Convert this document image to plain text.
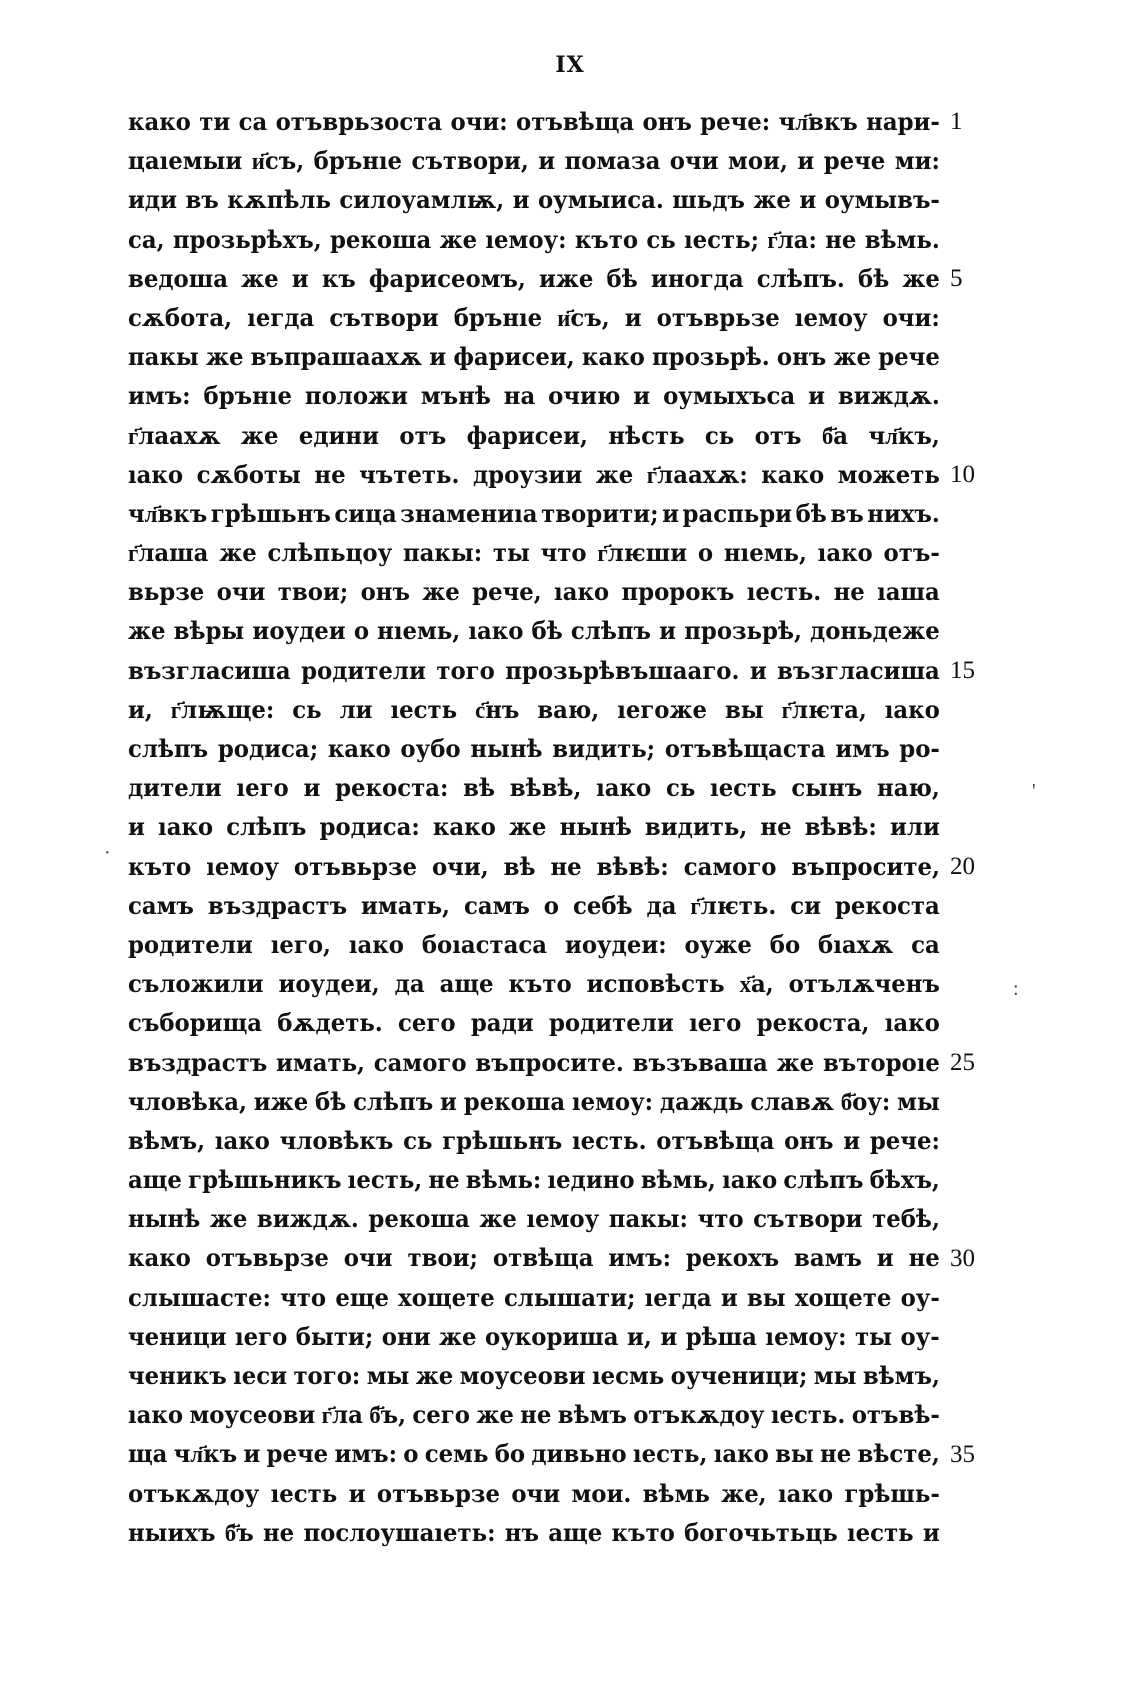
IX
како ти са отъврьзоста очи: отъвѣща онъ рече: чл҃вкъ нари-
цаıемыи и҃съ, брънıе сътвори, и помаза очи мои, и рече ми:
иди въ кѫпѣль силоуамлѭ, и оумыиса. шьдъ же и оумывъ-
са, прозьрѣхъ, рекоша же ıемоу: къто сь ıесть; г҃ла: не вѣмь.
ведоша же и къ фарисеомъ, иже бѣ иногда слѣпъ. бѣ же
сѫбота, ıегда сътвори брънıе и҃съ, и отъврьзе ıемоу очи:
пакы же въпрашаахѫ и фарисеи, како прозьрѣ. онъ же рече
имъ: брънıе положи мънѣ на очию и оумыхъса и виждѫ.
г҃лаахѫ же едини отъ фарисеи, нѣсть сь отъ б҃а чл҃къ,
ıако сѫботы не чътеть. дроузии же г҃лаахѫ: како можеть
чл҃вкъ грѣшьнъ сица знамениıа творити; и распьри бѣ въ нихъ.
г҃лаша же слѣпьцоу пакы: ты что г҃лѥши о нıемь, ıако отъ-
вьрзе очи твои; онъ же рече, ıако пророкъ ıесть. не ıаша
же вѣры иоудеи о нıемь, ıако бѣ слѣпъ и прозьрѣ, доньдеже
възгласиша родители того прозьрѣвъшааго. и възгласиша
и, г҃лѭще: сь ли ıесть с҃нъ ваю, ıегоже вы г҃лѥта, ıако
слѣпъ родиса; како оубо нынѣ видить; отъвѣщаста имъ ро-
дители ıего и рекоста: вѣ вѣвѣ, ıако сь ıесть сынъ наю,
и ıако слѣпъ родиса: како же нынѣ видить, не вѣвѣ: или
къто ıемоу отъвьрзе очи, вѣ не вѣвѣ: самого въпросите,
самъ въздрастъ имать, самъ о себѣ да г҃лѥть. си рекоста
родители ıего, ıако боıастаса иоудеи: оуже бо бıахѫ са
съложили иоудеи, да аще къто исповѣсть х҃а, отълѫченъ
съборища бѫдеть. сего ради родители ıего рекоста, ıако
въздрастъ имать, самого въпросите. възъваша же вътороıе
чловѣка, иже бѣ слѣпъ и рекоша ıемоу: даждь славѫ б҃оу: мы
вѣмъ, ıако чловѣкъ сь грѣшьнъ ıесть. отъвѣща онъ и рече:
аще грѣшьникъ ıесть, не вѣмь: ıедино вѣмь, ıако слѣпъ бѣхъ,
нынѣ же виждѫ. рекоша же ıемоу пакы: что сътвори тебѣ,
како отъвьрзе очи твои; отвѣща имъ: рекохъ вамъ и не
слышасте: что еще хощете слышати; ıегда и вы хощете оу-
ченици ıего быти; они же оукориша и, и рѣша ıемоу: ты оу-
ченикъ ıеси того: мы же моусеови ıесмь оученици; мы вѣмъ,
ıако моусеови г҃ла б҃ъ, сего же не вѣмъ отъкѫдоу ıесть. отъвѣ-
ща чл҃къ и рече имъ: о семь бо дивьно ıесть, ıако вы не вѣсте,
отъкѫдоу ıесть и отъвьрзе очи мои. вѣмь же, ıако грѣшь-
ныихъ б҃ъ не послоушаıеть: нъ аще къто богочьтьць ıесть и
1
5
10
15
20
25
30
35
'
·
:
